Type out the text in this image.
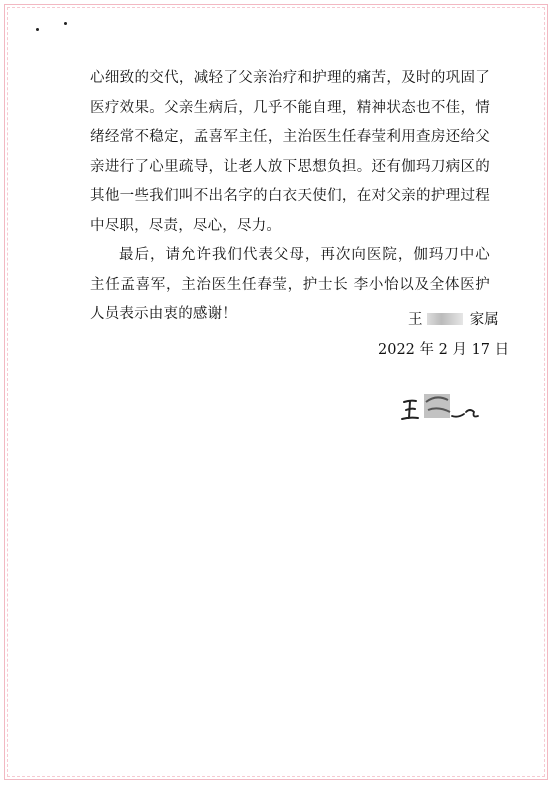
心细致的交代，减轻了父亲治疗和护理的痛苦，及时的巩固了医疗效果。父亲生病后，几乎不能自理，精神状态也不佳，情绪经常不稳定，孟喜军主任，主治医生任春莹利用查房还给父亲进行了心里疏导，让老人放下思想负担。还有伽玛刀病区的其他一些我们叫不出名字的白衣天使们，在对父亲的护理过程中尽职，尽责，尽心，尽力。

最后，请允许我们代表父母，再次向医院，伽玛刀中心 主任孟喜军，主治医生任春莹，护士长 李小怡以及全体医护人员表示由衷的感谢！	王	家属
2022 年 2 月 17 日
